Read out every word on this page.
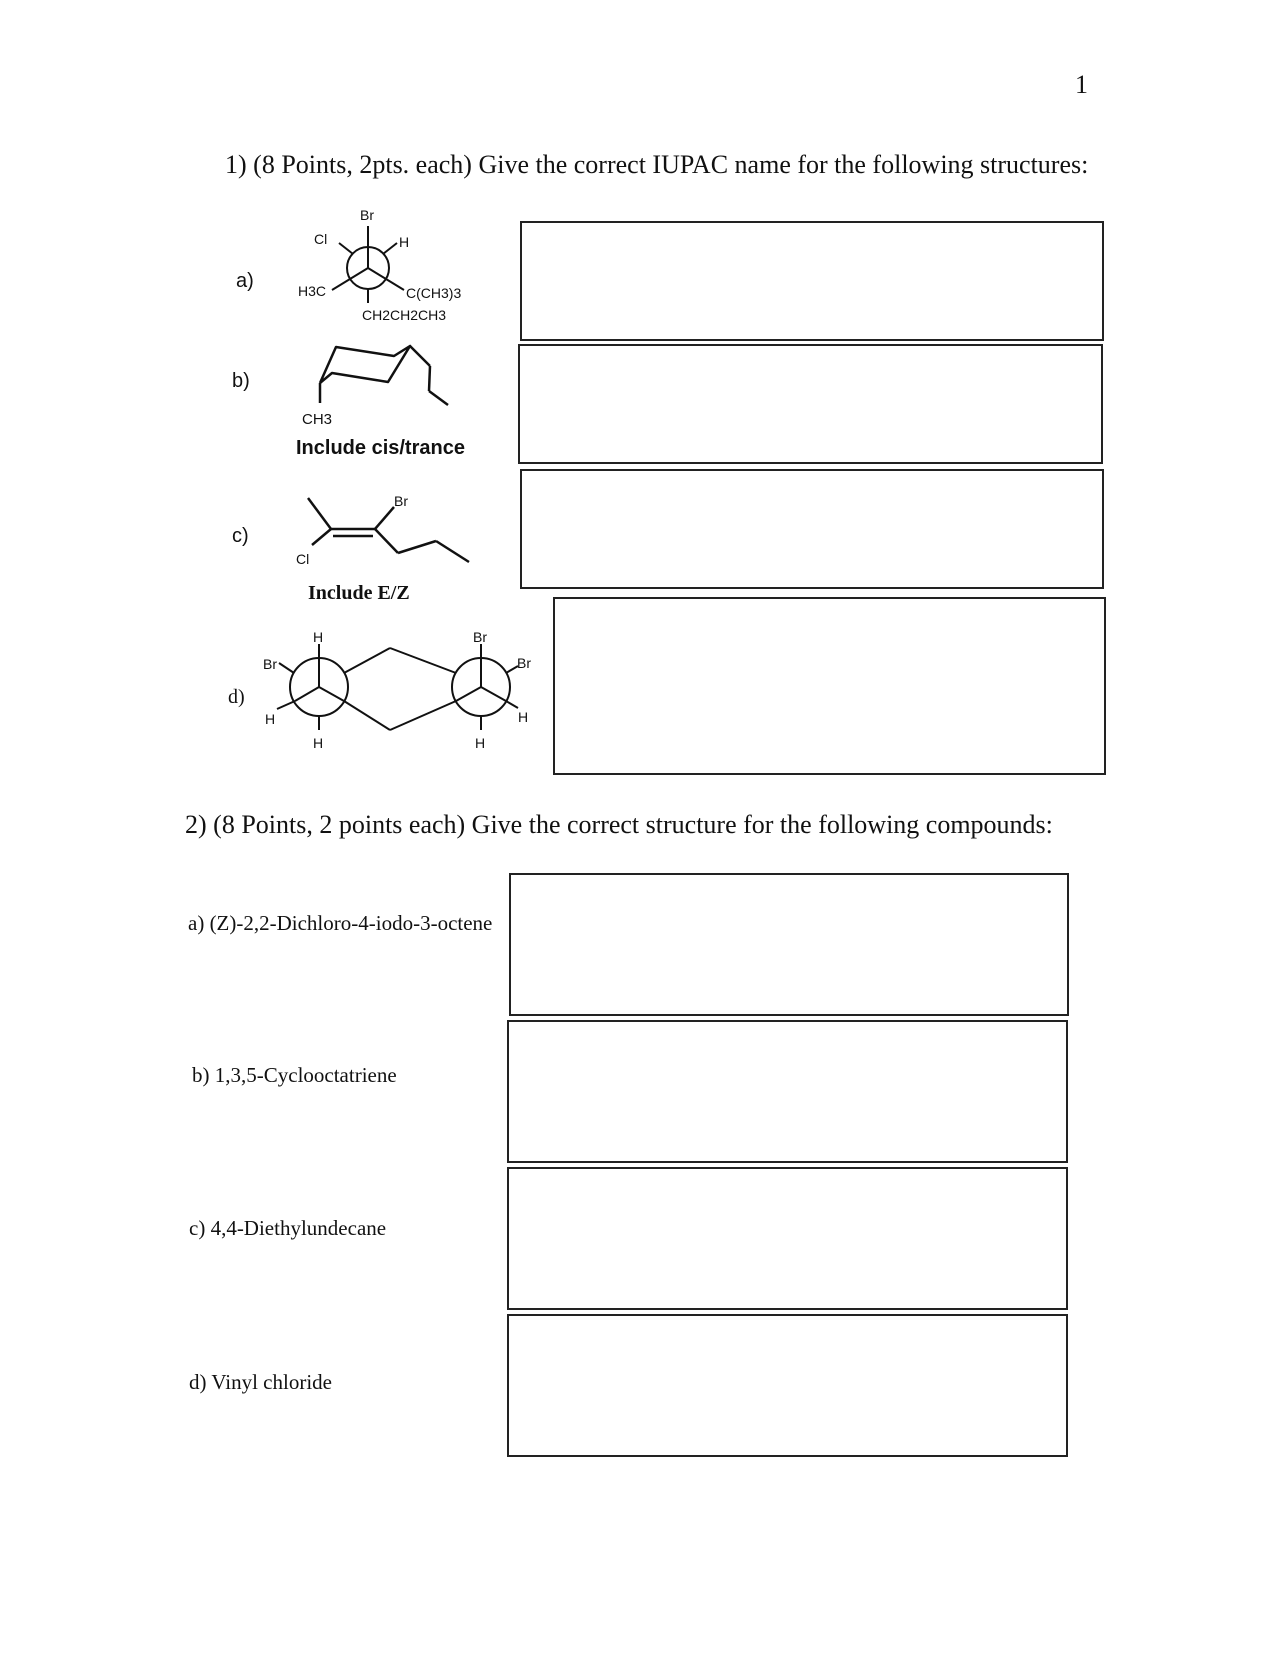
1
1) (8 Points, 2pts. each) Give the correct IUPAC name for the following structures:
a)
b)
c)
d)
Include cis/trance
Include E/Z
Br
Cl	H
H3C	C(CH3)3
CH2CH2CH3
CH3
Br
Cl
H
Br
H
H
Br
Br
H
H
2) (8 Points, 2 points each) Give the correct structure for the following compounds:
a) (Z)-2,2-Dichloro-4-iodo-3-octene
b) 1,3,5-Cyclooctatriene
c) 4,4-Diethylundecane
d) Vinyl chloride
